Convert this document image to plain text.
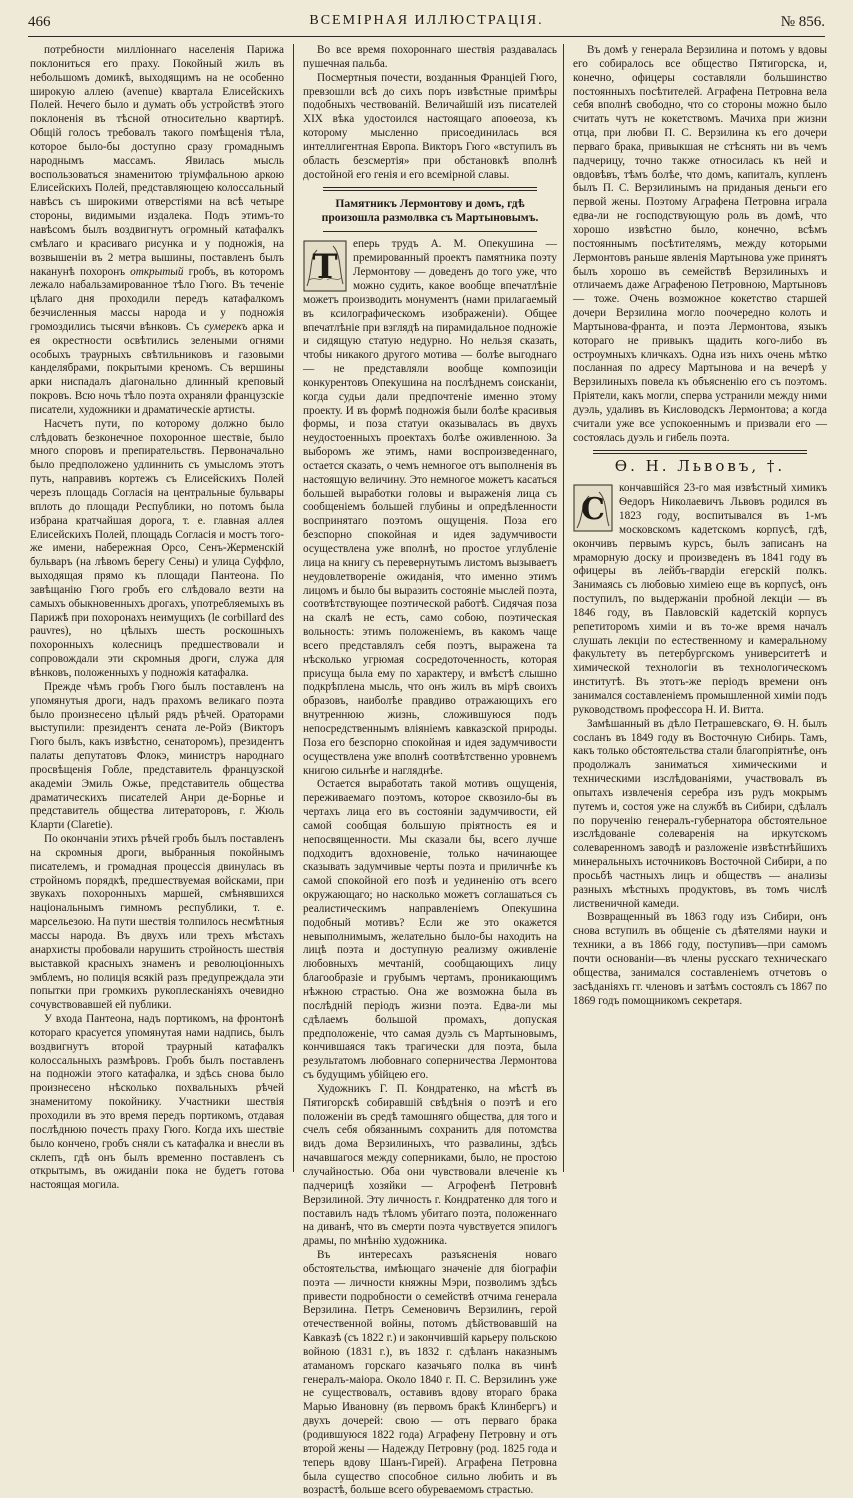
466	ВСЕМІРНАЯ ИЛЛЮСТРАЦІЯ.	№ 856.

потребности милліоннаго населенія Парижа поклониться его праху. Покойный жилъ въ небольшомъ домикѣ, выходящимъ на не особенно широкую аллею (avenue) квартала Елисейскихъ Полей. Нечего было и думать объ устройствѣ этого поклоненія въ тѣсной относительно квартирѣ. Общій голосъ требовалъ такого помѣщенія тѣла, которое было-бы доступно сразу громаднымъ народнымъ массамъ. Явилась мысль воспользоваться знаменитою тріумфальною аркою Елисейскихъ Полей, представляющею колоссальный навѣсъ съ широкими отверстіями на всѣ четыре стороны, видимыми издалека. Подъ этимъ-то навѣсомъ былъ воздвигнутъ огромный катафалкъ смѣлаго и красиваго рисунка и у подножія, на возвышеніи въ 2 метра вышины, поставленъ былъ наканунѣ похоронъ открытый гробъ, въ которомъ лежало набальзамированное тѣло Гюго. Въ теченіе цѣлаго дня проходили передъ катафалкомъ безчисленныя массы народа и у подножія громоздились тысячи вѣнковъ. Съ сумерекъ арка и ея окрестности освѣтились зелеными огнями особыхъ траурныхъ свѣтильниковъ и газовыми канделябрами, покрытыми креномъ. Съ вершины арки ниспадалъ діагонально длинный креповый покровъ. Всю ночь тѣло поэта охраняли французскіе писатели, художники и драматическіе артисты.

Насчетъ пути, по которому должно было слѣдовать безконечное похоронное шествіе, было много споровъ и препирательствъ. Первоначально было предположено удлиннить съ умысломъ этотъ путь, направивъ кортежъ съ Елисейскихъ Полей черезъ площадь Согласія на центральные бульвары вплоть до площади Республики, но потомъ была избрана кратчайшая дорога, т. е. главная аллея Елисейскихъ Полей, площадь Согласія и мостъ того-же имени, набережная Орсо, Сенъ-Жерменскій бульваръ (на лѣвомъ берегу Сены) и улица Суффло, выходящая прямо къ площади Пантеона. По завѣщанію Гюго гробъ его слѣдовало везти на самыхъ обыкновенныхъ дрогахъ, употребляемыхъ въ Парижѣ при похоронахъ неимущихъ (le corbillard des pauvres), но цѣлыхъ шесть роскошныхъ похоронныхъ колесницъ предшествовали и сопровождали эти скромныя дроги, служа для вѣнковъ, положенныхъ у подножія катафалка.

Прежде чѣмъ гробъ Гюго былъ поставленъ на упомянутыя дроги, надъ прахомъ великаго поэта было произнесено цѣлый рядъ рѣчей. Ораторами выступили: президентъ сената ле-Ройэ (Викторъ Гюго былъ, какъ извѣстно, сенаторомъ), президентъ палаты депутатовъ Флокэ, министръ народнаго просвѣщенія Гобле, представитель французской академіи Эмиль Ожье, представитель общества драматическихъ писателей Анри де-Борнье и представитель общества литераторовъ, г. Жюль Кларти (Claretie).

По окончаніи этихъ рѣчей гробъ былъ поставленъ на скромныя дроги, выбранныя покойнымъ писателемъ, и громадная процессія двинулась въ стройномъ порядкѣ, предшествуемая войсками, при звукахъ похоронныхъ маршей, смѣнявшихся національнымъ гимномъ республики, т. е. марсельезою. На пути шествія толпилось несмѣтныя массы народа. Въ двухъ или трехъ мѣстахъ анархисты пробовали нарушить стройность шествія выставкой красныхъ знаменъ и революціонныхъ эмблемъ, но полиція всякій разъ предупреждала эти попытки при громкихъ рукоплесканіяхъ очевидно сочувствовавшей ей публики.

У входа Пантеона, надъ портикомъ, на фронтонѣ котораго красуется упомянутая нами надпись, былъ воздвигнутъ второй траурный катафалкъ колоссальныхъ размѣровъ. Гробъ былъ поставленъ на подножіи этого катафалка, и здѣсь снова было произнесено нѣсколько похвальныхъ рѣчей знаменитому покойнику. Участники шествія проходили въ это время передъ портикомъ, отдавая послѣднюю почесть праху Гюго. Когда ихъ шествіе было кончено, гробъ сняли съ катафалка и внесли въ склепъ, гдѣ онъ былъ временно поставленъ съ открытымъ, въ ожиданіи пока не будетъ готова настоящая могила.

Во все время похороннаго шествія раздавалась пушечная пальба.

Посмертныя почести, возданныя Франціей Гюго, превзошли всѣ до сихъ поръ извѣстные примѣры подобныхъ чествованій. Величайшій изъ писателей XIX вѣка удостоился настоящаго апоѳеоза, къ которому мысленно присоединилась вся интеллигентная Европа. Викторъ Гюго «вступилъ въ область безсмертія» при обстановкѣ вполнѣ достойной его генія и его всемірной славы.

Памятникъ Лермонтову и домъ, гдѣ произошла размолвка съ Мартыновымъ.

Т
еперь трудъ А. М. Опекушина — премированный проектъ памятника поэту Лермонтову — доведенъ до того уже, что можно судить, какое вообще впечатлѣніе можетъ производить монументъ (нами прилагаемый въ ксилографическомъ изображеніи). Общее впечатлѣніе при взглядѣ на пирамидальное подножіе и сидящую статую недурно. Но нельзя сказать, чтобы никакого другого мотива — болѣе выгоднаго — не представляли вообще композиціи конкурентовъ Опекушина на послѣднемъ соисканіи, когда судьи дали предпочтеніе именно этому проекту. И въ формѣ подножія были болѣе красивыя формы, и поза статуи оказывалась въ двухъ неудостоенныхъ проектахъ болѣе оживленною. За выборомъ же этимъ, нами воспроизведеннаго, остается сказать, о чемъ немногое отъ выполненія въ настоящую величину. Это немногое можетъ касаться большей выработки головы и выраженія лица съ сообщеніемъ большей глубины и опредѣленности воспринятаго поэтомъ ощущенія. Поза его безспорно спокойная и идея задумчивости осуществлена уже вполнѣ, но простое углубленіе лица на книгу съ перевернутымъ листомъ вызываетъ неудовлетвореніе ожиданія, что именно этимъ лицомъ и было бы выразить состояніе мыслей поэта, соотвѣтствующее поэтической работѣ. Сидячая поза на скалѣ не есть, само собою, поэтическая вольность: этимъ положеніемъ, въ какомъ чаще всего представлялъ себя поэтъ, выражена та нѣсколько угрюмая сосредоточенность, которая присуща была ему по характеру, и вмѣстѣ слышно подкрѣплена мысль, что онъ жилъ въ мірѣ своихъ образовъ, наиболѣе правдиво отражающихъ его внутреннюю жизнь, сложившуюся подъ непосредственнымъ вліяніемъ кавказской природы. Поза его безспорно спокойная и идея задумчивости осуществлена уже вполнѣ соотвѣтственно уровнемъ книгою сильнѣе и нагляднѣе.

Остается выработать такой мотивъ ощущенія, переживаемаго поэтомъ, которое сквозило-бы въ чертахъ лица его въ состояніи задумчивости, ей самой сообщая большую пріятность ея и непосвященности. Мы сказали бы, всего лучше подходитъ вдохновеніе, только начинающее сказывать задумчивые черты поэта и приличнѣе къ самой спокойной его позѣ и уединенію отъ всего окружающаго; но насколько можетъ соглашаться съ реалистическимъ направленіемъ Опекушина подобный мотивъ? Если же это окажется невыполнимымъ, желательно было-бы находить на лицѣ поэта и доступную реализму оживленіе любовныхъ мечтаній, сообщающихъ лицу благообразіе и грубымъ чертамъ, проникающимъ нѣжною страстью. Она же возможна была въ послѣдній періодъ жизни поэта. Едва-ли мы сдѣлаемъ большой промахъ, допуская предположеніе, что самая дуэль съ Мартыновымъ, кончившаяся такъ трагически для поэта, была результатомъ любовнаго соперничества Лермонтова съ будущимъ убійцею его.

Художникъ Г. П. Кондратенко, на мѣстѣ въ Пятигорскѣ собиравшій свѣдѣнія о поэтѣ и его положеніи въ средѣ тамошняго общества, для того и счелъ себя обязаннымъ сохранить для потомства видъ дома Верзилиныхъ, что развалины, здѣсь начавшагося между соперниками, было, не простою случайностью. Оба они чувствовали влеченіе къ падчерицѣ хозяйки — Агрофенѣ Петровнѣ Верзилиной. Эту личность г. Кондратенко для того и поставилъ надъ тѣломъ убитаго поэта, положеннаго на диванѣ, что въ смерти поэта чувствуется эпилогъ драмы, по мнѣнію художника.

Въ интересахъ разъясненія новаго обстоятельства, имѣющаго значеніе для біографіи поэта — личности княжны Мэри, позволимъ здѣсь привести подробности о семействѣ отчима генерала Верзилина. Петръ Семеновичъ Верзилинъ, герой отечественной войны, потомъ дѣйствовавшій на Кавказѣ (съ 1822 г.) и закончившій карьеру польскою войною (1831 г.), въ 1832 г. сдѣланъ наказнымъ атаманомъ горскаго казачьяго полка въ чинѣ генералъ-маіора. Около 1840 г. П. С. Верзилинъ уже не существовалъ, оставивъ вдову втораго брака Марью Ивановну (въ первомъ бракѣ Клинбергъ) и двухъ дочерей: свою — отъ перваго брака (родившуюся 1822 года) Аграфену Петровну и отъ второй жены — Надежду Петровну (род. 1825 года и теперь вдову Шанъ-Гирей). Аграфена Петровна была существо способное сильно любить и въ возрастѣ, больше всего обуреваемомъ страстью.

Въ домѣ у генерала Верзилина и потомъ у вдовы его собиралось все общество Пятигорска, и, конечно, офицеры составляли большинство постоянныхъ посѣтителей. Аграфена Петровна вела себя вполнѣ свободно, что со стороны можно было считать чутъ не кокетствомъ. Мачиха при жизни отца, при любви П. С. Верзилина къ его дочери перваго брака, привыкшая не стѣснять ни въ чемъ падчерицу, точно также относилась къ ней и овдовѣвъ, тѣмъ болѣе, что домъ, капиталъ, купленъ былъ П. С. Верзилинымъ на приданыя деньги его первой жены. Поэтому Аграфена Петровна играла едва-ли не господствующую роль въ домѣ, что хорошо извѣстно было, конечно, всѣмъ постояннымъ посѣтителямъ, между которыми Лермонтовъ раньше явленія Мартынова уже принятъ былъ хорошо въ семействѣ Верзилиныхъ и отличаемъ даже Аграфеною Петровною, Мартыновъ — тоже. Очень возможное кокетство старшей дочери Верзилина могло поочередно колоть и Мартынова-франта, и поэта Лермонтова, языкъ котораго не привыкъ щадить кого-либо въ остроумныхъ кличкахъ. Одна изъ нихъ очень мѣтко посланная по адресу Мартынова и на вечерѣ у Верзилиныхъ повела къ объясненію его съ поэтомъ. Пріятели, какъ могли, сперва устранили между ними дуэль, удаливъ въ Кисловодскъ Лермонтова; а когда считали уже все успокоеннымъ и призвали его — состоялась дуэль и гибель поэта.

Ѳ. Н. Львовъ, †.

С
кончавшійся 23-го мая извѣстный химикъ Ѳедоръ Николаевичъ Львовъ родился въ 1823 году, воспитывался въ 1-мъ московскомъ кадетскомъ корпусѣ, гдѣ, окончивъ первымъ курсъ, былъ записанъ на мраморную доску и произведенъ въ 1841 году въ офицеры въ лейбъ-гвардіи егерскій полкъ. Занимаясь съ любовью химіею еще въ корпусѣ, онъ поступилъ, по выдержаніи пробной лекціи — въ 1846 году, въ Павловскій кадетскій корпусъ репетиторомъ химіи и въ то-же время началъ слушать лекціи по естественному и камеральному факультету въ петербургскомъ университетѣ и химической технологіи въ технологическомъ институтѣ. Въ этотъ-же періодъ времени онъ занимался составленіемъ промышленной химіи подъ руководствомъ профессора Н. И. Витта.

Замѣшанный въ дѣло Петрашевскаго, Ѳ. Н. былъ сосланъ въ 1849 году въ Восточную Сибирь. Тамъ, какъ только обстоятельства стали благопріятнѣе, онъ продолжалъ заниматься химическими и техническими изслѣдованіями, участвовалъ въ опытахъ извлеченія серебра изъ рудъ мокрымъ путемъ и, состоя уже на службѣ въ Сибири, сдѣлалъ по порученію генералъ-губернатора обстоятельное изслѣдованіе солеваренія на иркутскомъ солеваренномъ заводѣ и разложеніе извѣстнѣйшихъ минеральныхъ источниковъ Восточной Сибири, а по просьбѣ частныхъ лицъ и обществъ — анализы разныхъ мѣстныхъ продуктовъ, въ томъ числѣ лиственичной камеди.

Возвращенный въ 1863 году изъ Сибири, онъ снова вступилъ въ общеніе съ дѣятелями науки и техники, а въ 1866 году, поступивъ—при самомъ почти основаніи—въ члены русскаго техническаго общества, занимался составленіемъ отчетовъ о засѣданіяхъ гг. членовъ и затѣмъ состоялъ съ 1867 по 1869 годъ помощникомъ секретаря.
